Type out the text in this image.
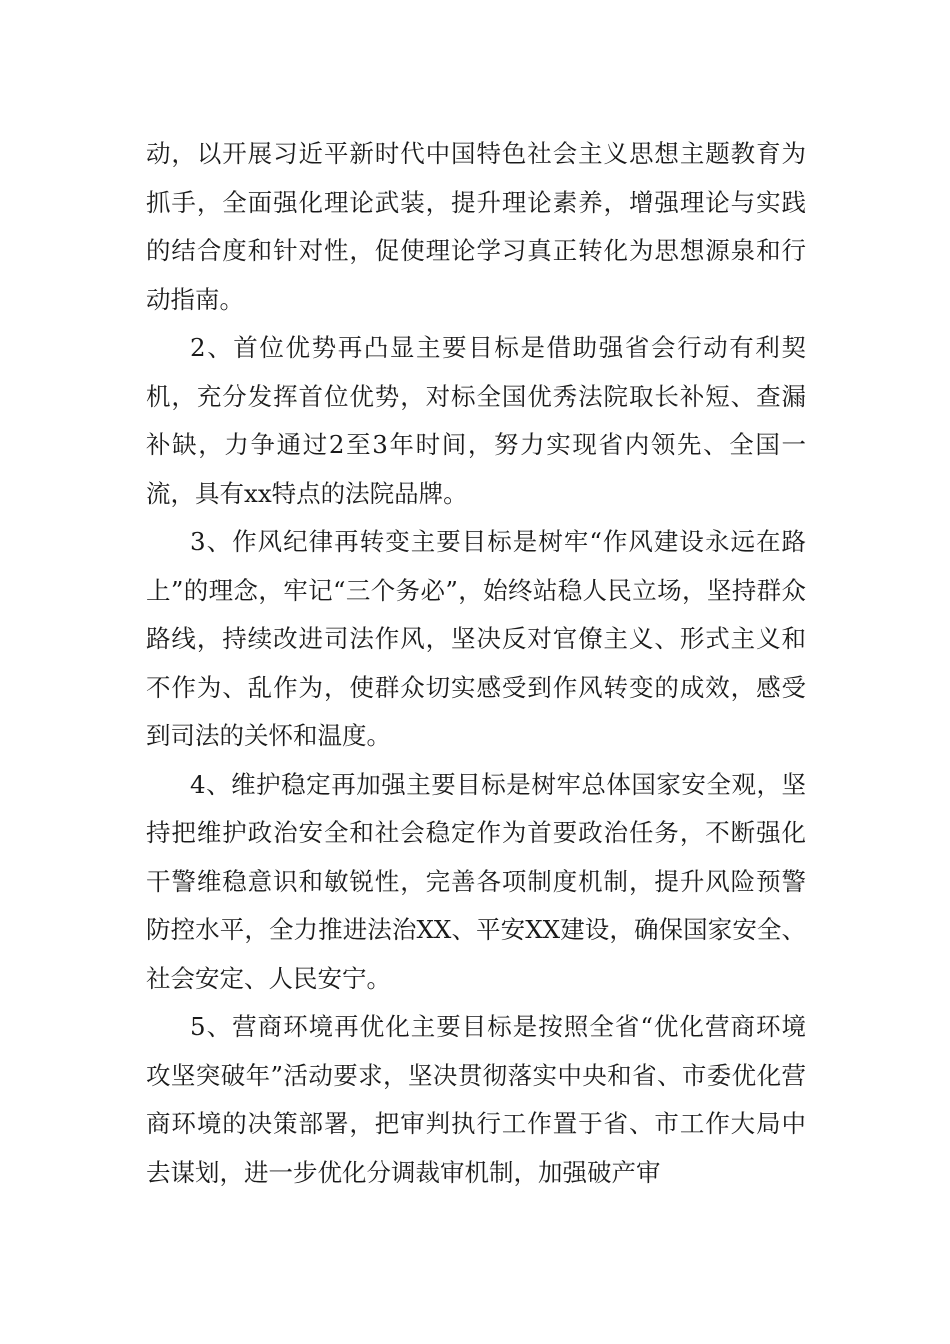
动，以开展习近平新时代中国特色社会主义思想主题教育为抓手，全面强化理论武装，提升理论素养，增强理论与实践的结合度和针对性，促使理论学习真正转化为思想源泉和行动指南。

2、首位优势再凸显主要目标是借助强省会行动有利契机，充分发挥首位优势，对标全国优秀法院取长补短、查漏补缺，力争通过2至3年时间，努力实现省内领先、全国一流，具有xx特点的法院品牌。

3、作风纪律再转变主要目标是树牢“作风建设永远在路上”的理念，牢记“三个务必”，始终站稳人民立场，坚持群众路线，持续改进司法作风，坚决反对官僚主义、形式主义和不作为、乱作为，使群众切实感受到作风转变的成效，感受到司法的关怀和温度。

4、维护稳定再加强主要目标是树牢总体国家安全观，坚持把维护政治安全和社会稳定作为首要政治任务，不断强化干警维稳意识和敏锐性，完善各项制度机制，提升风险预警防控水平，全力推进法治XX、平安XX建设，确保国家安全、社会安定、人民安宁。

5、营商环境再优化主要目标是按照全省“优化营商环境攻坚突破年”活动要求，坚决贯彻落实中央和省、市委优化营商环境的决策部署，把审判执行工作置于省、市工作大局中去谋划，进一步优化分调裁审机制，加强破产审
